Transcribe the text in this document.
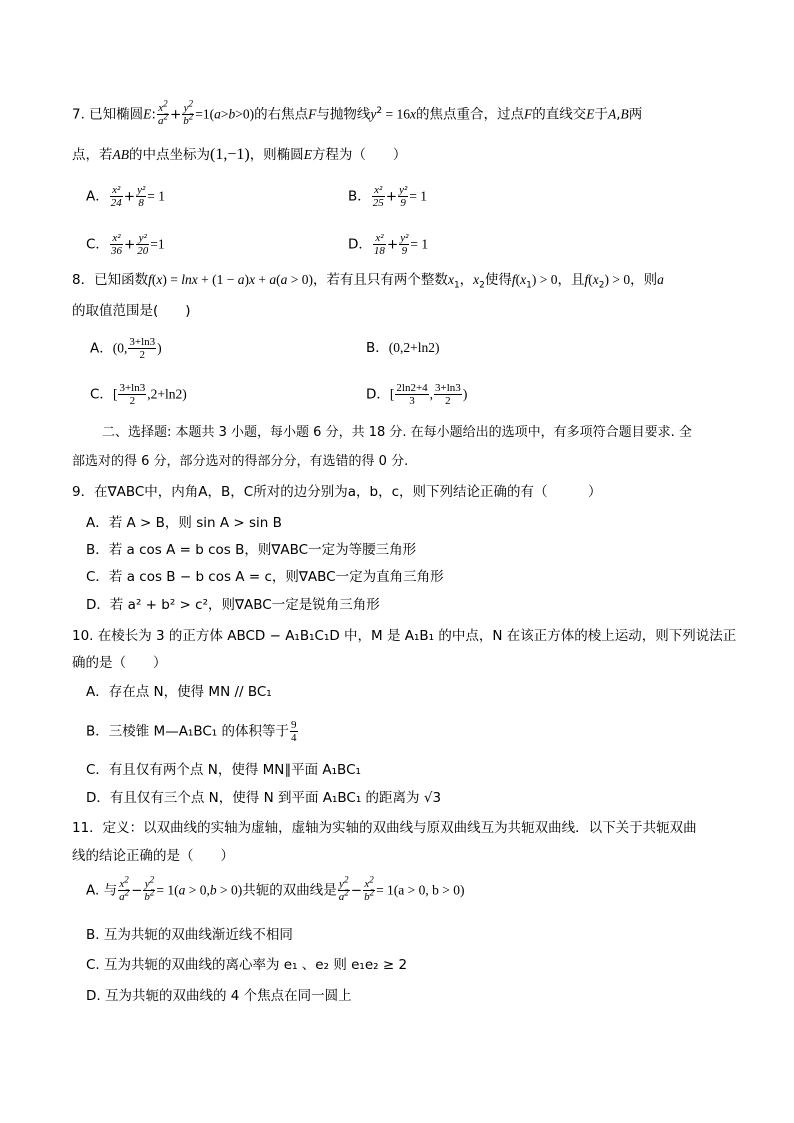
7. 已知椭圆E: $\frac{x^2}{a^2} + \frac{y^2}{b^2} =1(a>b>0)$的右焦点F与抛物线$y^2 = 16x$的焦点重合，过点F的直线交E于A,B两
点，若AB的中点坐标为(1,−1)，则椭圆E方程为（　　）
A． $\frac{\text{x²}}{24} + \frac{\text{y²}}{8} = 1$	B． $\frac{\text{x²}}{25} + \frac{\text{y²}}{9} = 1$
C． $\frac{\text{x²}}{36} + \frac{\text{y²}}{20} =1$	D． $\frac{\text{x²}}{18} + \frac{\text{y²}}{9} = 1$
8．已知函数f(x) = lnx + (1 − a)x + a(a > 0)，若有且只有两个整数$x_1$，$x_2$使得$f(x_1) > 0$，且$f(x_2) > 0$，则a
的取值范围是(　　)
A．(0, $\frac{3+\ln 3}{2}$ )	B．(0,2+ln2)
C．[ $\frac{3+\ln 3}{2} ,2+\ln 2$)	D．[ $\frac{2\ln 2+4}{3}$ , $\frac{3+\ln 3}{2}$ )
二、选择题: 本题共 3 小题，每小题 6 分，共 18 分. 在每小题给出的选项中，有多项符合题目要求. 全
部选对的得 6 分，部分选对的得部分分，有选错的得 0 分.
9．在∇ABC中，内角A，B，C所对的边分别为a，b，c，则下列结论正确的有（　　　）
A．若 A > B，则 sin A > sin B
B．若 a cos A = b cos B，则∇ABC一定为等腰三角形
C．若 a cos B − b cos A = c，则∇ABC一定为直角三角形
D．若 a² + b² > c²，则∇ABC一定是锐角三角形
10. 在棱长为 3 的正方体 ABCD − A₁B₁C₁D 中，M 是 A₁B₁ 的中点，N 在该正方体的棱上运动，则下列说法正
确的是（　　）
A．存在点 N，使得 MN // BC₁
B．三棱锥 M—A₁BC₁ 的体积等于 $\frac{9}{4}$
C．有且仅有两个点 N，使得 MN∥平面 A₁BC₁
D．有且仅有三个点 N，使得 N 到平面 A₁BC₁ 的距离为 √3
11．定义：以双曲线的实轴为虚轴，虚轴为实轴的双曲线与原双曲线互为共轭双曲线．以下关于共轭双曲
线的结论正确的是（　　）
A. 与 $\frac{x^2}{a^2} - \frac{y^2}{b^2} = 1(a > 0,b > 0)$共轭的双曲线是 $\frac{y^2}{a^2} - \frac{x^2}{b^2} = 1(a > 0$, b > 0)
B. 互为共轭的双曲线渐近线不相同
C. 互为共轭的双曲线的离心率为 e₁ 、e₂ 则 e₁e₂ ≥ 2
D. 互为共轭的双曲线的 4 个焦点在同一圆上
